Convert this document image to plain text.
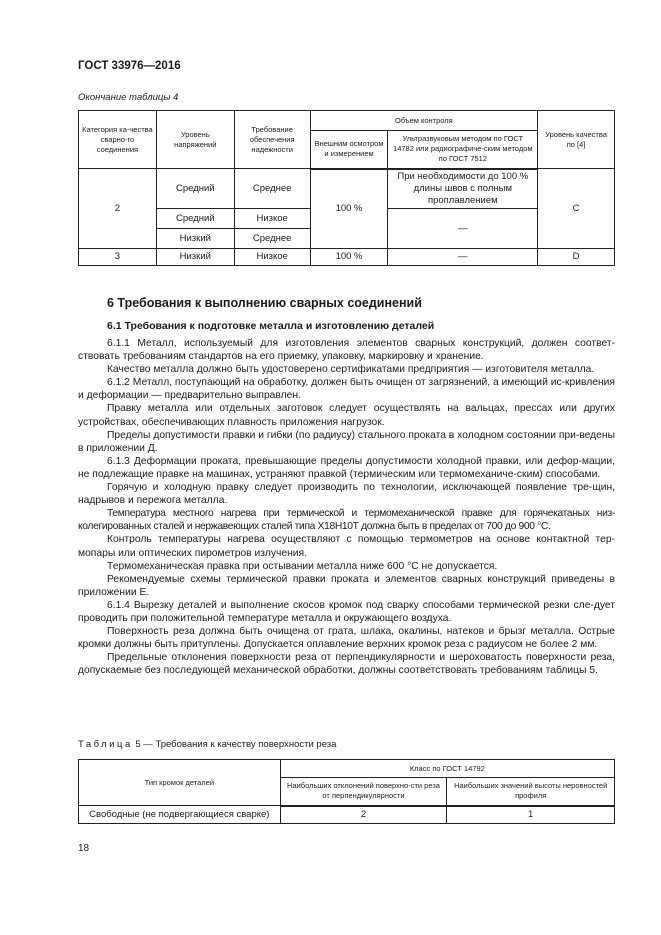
ГОСТ 33976—2016
Окончание таблицы 4
Категория ка-чества сварно-го соединения	Уровень напряжений	Требование обеспечения надежности	Объем контроля		Уровень качества по [4]
			Внешним осмотром и измерением	Ультразвуковым методом по ГОСТ 14782 или радиографиче-ским методом по ГОСТ 7512	
2	Средний	Среднее	100 %	При необходимости до 100 % длины швов с полным проплавлением	С
	Средний	Низкое		—	
	Низкий	Среднее			
3	Низкий	Низкое	100 %	—	D
6 Требования к выполнению сварных соединений
6.1 Требования к подготовке металла и изготовлению деталей

6.1.1 Металл, используемый для изготовления элементов сварных конструкций, должен соответ-ствовать требованиям стандартов на его приемку, упаковку, маркировку и хранение.

Качество металла должно быть удостоверено сертификатами предприятия — изготовителя металла.

6.1.2 Металл, поступающий на обработку, должен быть очищен от загрязнений, а имеющий ис-кривления и деформации — предварительно выправлен.

Правку металла или отдельных заготовок следует осуществлять на вальцах, прессах или других устройствах, обеспечивающих плавность приложения нагрузок.

Пределы допустимости правки и гибки (по радиусу) стального проката в холодном состоянии при-ведены в приложении Д.

6.1.3 Деформации проката, превышающие пределы допустимости холодной правки, или дефор-мации, не подлежащие правке на машинах, устраняют правкой (термическим или термомеханиче-ским) способами.

Горячую и холодную правку следует производить по технологии, исключающей появление тре-щин, надрывов и пережога металла.

Температура местного нагрева при термической и термомеханической правке для горячекатаных низ-колегированных сталей и нержавеющих сталей типа Х18Н10Т должна быть в пределах от 700 до 900 °С.

Контроль температуры нагрева осуществляют с помощью термометров на основе контактной тер-мопары или оптических пирометров излучения.

Термомеханическая правка при остывании металла ниже 600 °С не допускается.

Рекомендуемые схемы термической правки проката и элементов сварных конструкций приведены в приложении Е.

6.1.4 Вырезку деталей и выполнение скосов кромок под сварку способами термической резки сле-дует проводить при положительной температуре металла и окружающего воздуха.

Поверхность реза должна быть очищена от грата, шлака, окалины, натеков и брызг металла. Острые кромки должны быть притуплены. Допускается оплавление верхних кромок реза с радиусом не более 2 мм.

Предельные отклонения поверхности реза от перпендикулярности и шероховатость поверхности реза, допускаемые без последующей механической обработки, должны соответствовать требованиям таблицы 5.

Таблица 5 — Требования к качеству поверхности реза
Тип кромок деталей	Класс по ГОСТ 14792	
	Наибольших отклонений поверхно-сти реза от перпендикулярности	Наибольших значений высоты неровностей профиля
Свободные (не подвергающиеся сварке)	2	1
18
